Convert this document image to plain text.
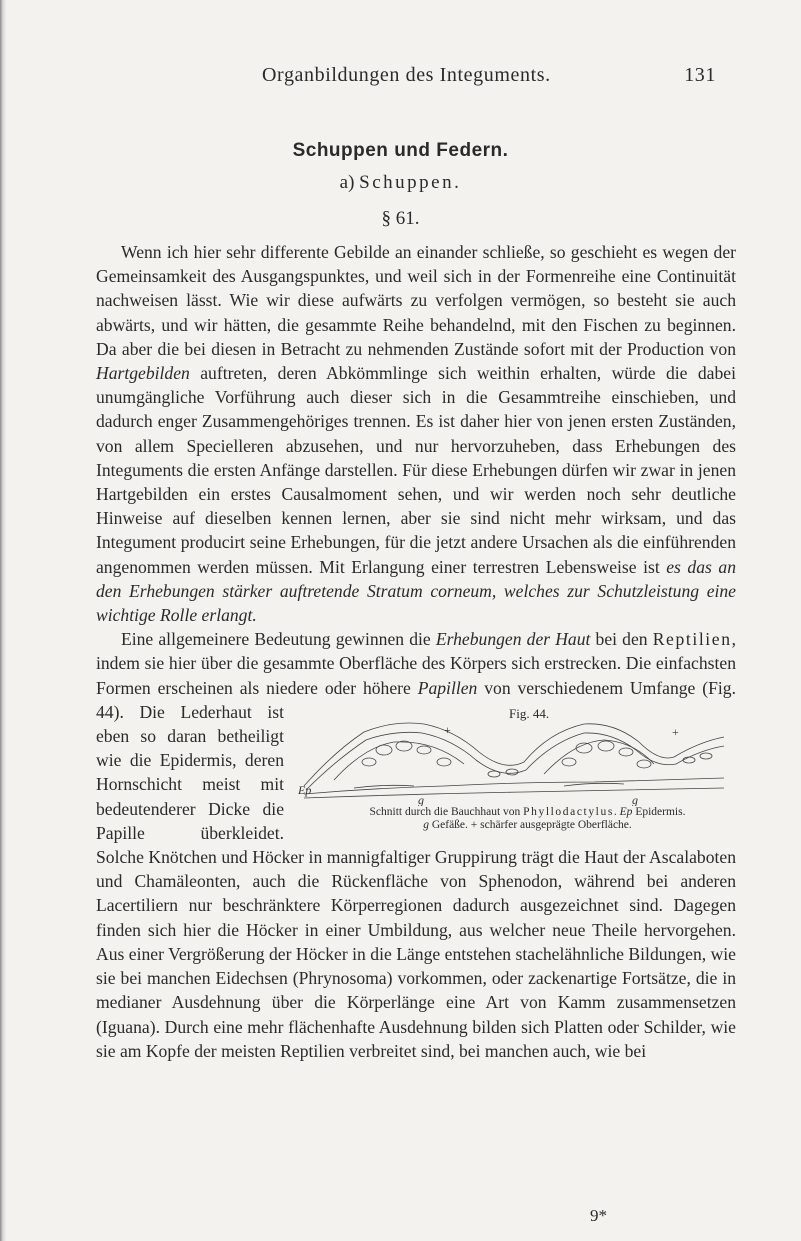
Organbildungen des Integuments.	131
Schuppen und Federn.
a) Schuppen.
§ 61.

Wenn ich hier sehr differente Gebilde an einander schließe, so geschieht es wegen der Gemeinsamkeit des Ausgangspunktes, und weil sich in der Formenreihe eine Continuität nachweisen lässt. Wie wir diese aufwärts zu verfolgen vermögen, so besteht sie auch abwärts, und wir hätten, die gesammte Reihe behandelnd, mit den Fischen zu beginnen. Da aber die bei diesen in Betracht zu nehmenden Zustände sofort mit der Production von Hartgebilden auftreten, deren Abkömmlinge sich weithin erhalten, würde die dabei unumgängliche Vorführung auch dieser sich in die Gesammtreihe einschieben, und dadurch enger Zusammengehöriges trennen. Es ist daher hier von jenen ersten Zuständen, von allem Specielleren abzusehen, und nur hervorzuheben, dass Erhebungen des Integuments die ersten Anfänge darstellen. Für diese Erhebungen dürfen wir zwar in jenen Hartgebilden ein erstes Causalmoment sehen, und wir werden noch sehr deutliche Hinweise auf dieselben kennen lernen, aber sie sind nicht mehr wirksam, und das Integument producirt seine Erhebungen, für die jetzt andere Ursachen als die einführenden angenommen werden müssen. Mit Erlangung einer terrestren Lebensweise ist es das an den Erhebungen stärker auftretende Stratum corneum, welches zur Schutzleistung eine wichtige Rolle erlangt.

Eine allgemeinere Bedeutung gewinnen die Erhebungen der Haut bei den Reptilien, indem sie hier über die gesammte Oberfläche des Körpers sich erstrecken. Die einfachsten Formen erscheinen als niedere oder höhere Papillen
Fig. 44.
+	+
Ep
g	g
Schnitt durch die Bauchhaut von Phyllodactylus. Ep Epidermis.
g Gefäße. + schärfer ausgeprägte Oberfläche.
von verschiedenem Umfange (Fig. 44). Die Lederhaut ist eben so daran betheiligt wie die Epidermis, deren Hornschicht meist mit bedeutenderer Dicke die Papille überkleidet. Solche Knötchen und Höcker in mannigfaltiger Gruppirung trägt die Haut der Ascalaboten und Chamäleonten, auch die Rückenfläche von Sphenodon, während bei anderen Lacertiliern nur beschränktere Körperregionen dadurch ausgezeichnet sind. Dagegen finden sich hier die Höcker in einer Umbildung, aus welcher neue Theile hervorgehen. Aus einer Vergrößerung der Höcker in die Länge entstehen stachelähnliche Bildungen, wie sie bei manchen Eidechsen (Phrynosoma) vorkommen, oder zackenartige Fortsätze, die in medianer Ausdehnung über die Körperlänge eine Art von Kamm zusammensetzen (Iguana). Durch eine mehr flächenhafte Ausdehnung bilden sich Platten oder Schilder, wie sie am Kopfe der meisten Reptilien verbreitet sind, bei manchen auch, wie bei

9*
